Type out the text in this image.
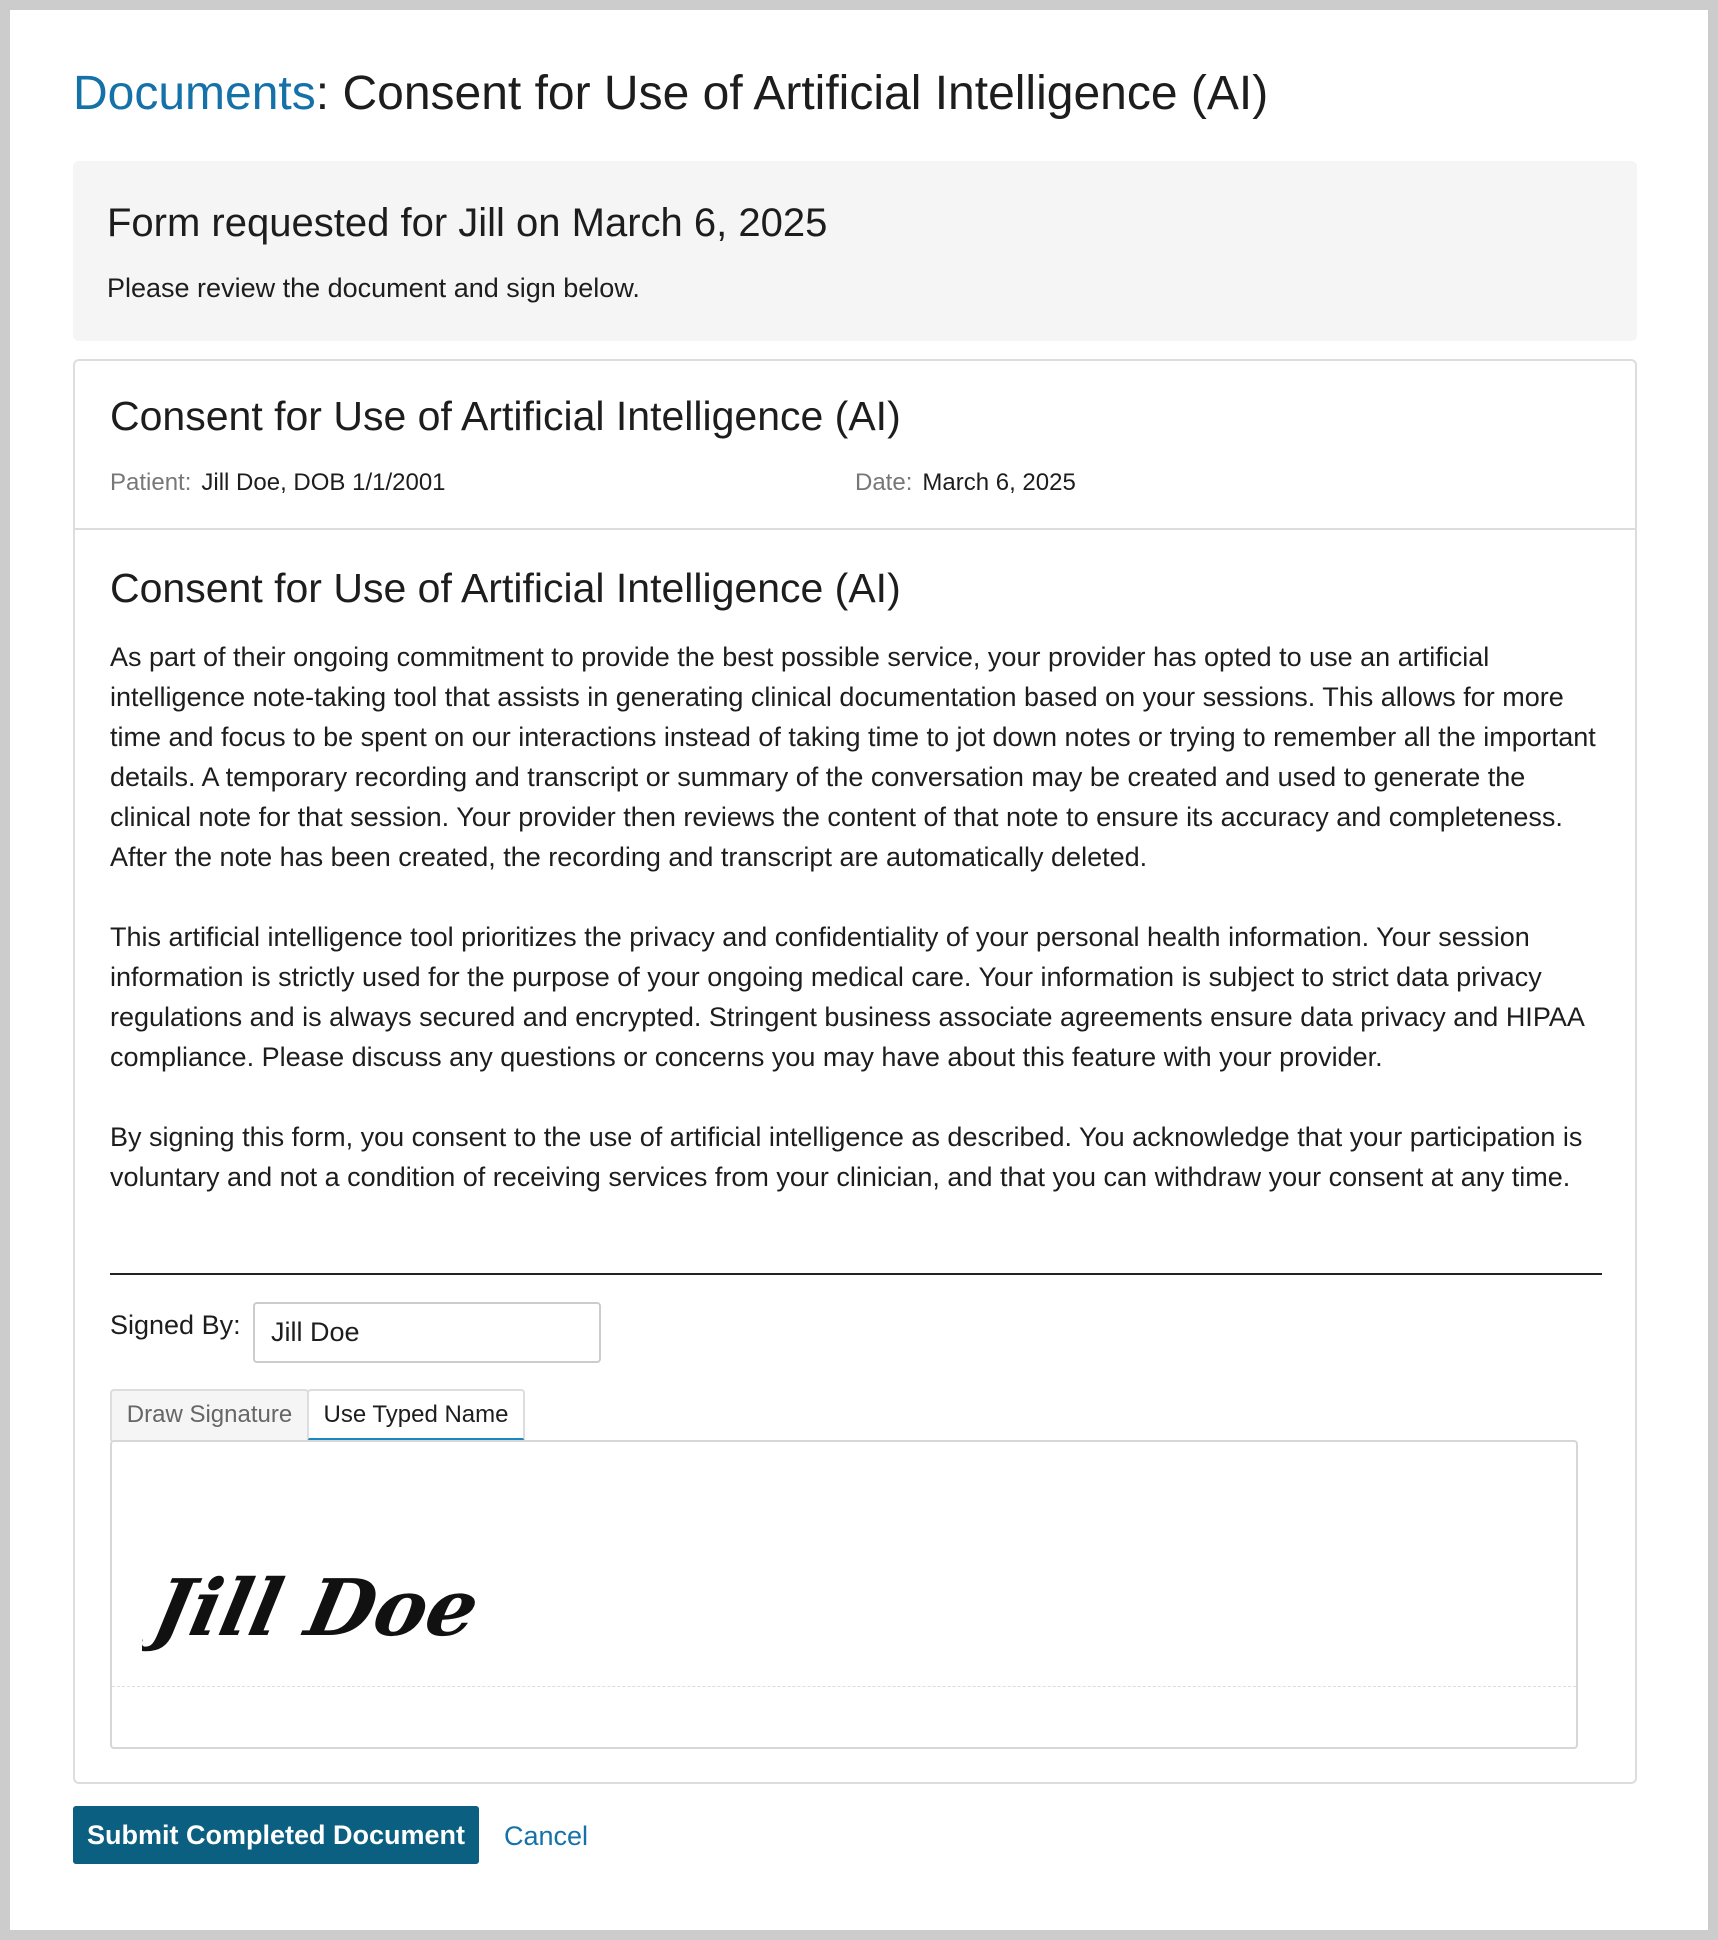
Documents: Consent for Use of Artificial Intelligence (AI)
Form requested for Jill on March 6, 2025
Please review the document and sign below.
Consent for Use of Artificial Intelligence (AI)
Patient: Jill Doe, DOB 1/1/2001	Date: March 6, 2025
Consent for Use of Artificial Intelligence (AI)

As part of their ongoing commitment to provide the best possible service, your provider has opted to use an artificial intelligence note-taking tool that assists in generating clinical documentation based on your sessions. This allows for more time and focus to be spent on our interactions instead of taking time to jot down notes or trying to remember all the important details. A temporary recording and transcript or summary of the conversation may be created and used to generate the clinical note for that session. Your provider then reviews the content of that note to ensure its accuracy and completeness. After the note has been created, the recording and transcript are automatically deleted.

This artificial intelligence tool prioritizes the privacy and confidentiality of your personal health information. Your session information is strictly used for the purpose of your ongoing medical care. Your information is subject to strict data privacy regulations and is always secured and encrypted. Stringent business associate agreements ensure data privacy and HIPAA compliance. Please discuss any questions or concerns you may have about this feature with your provider.

By signing this form, you consent to the use of artificial intelligence as described. You acknowledge that your participation is voluntary and not a condition of receiving services from your clinician, and that you can withdraw your consent at any time.

Signed By:
Jill Doe
Draw Signature	Use Typed Name
Jill Doe
Submit Completed Document	Cancel
